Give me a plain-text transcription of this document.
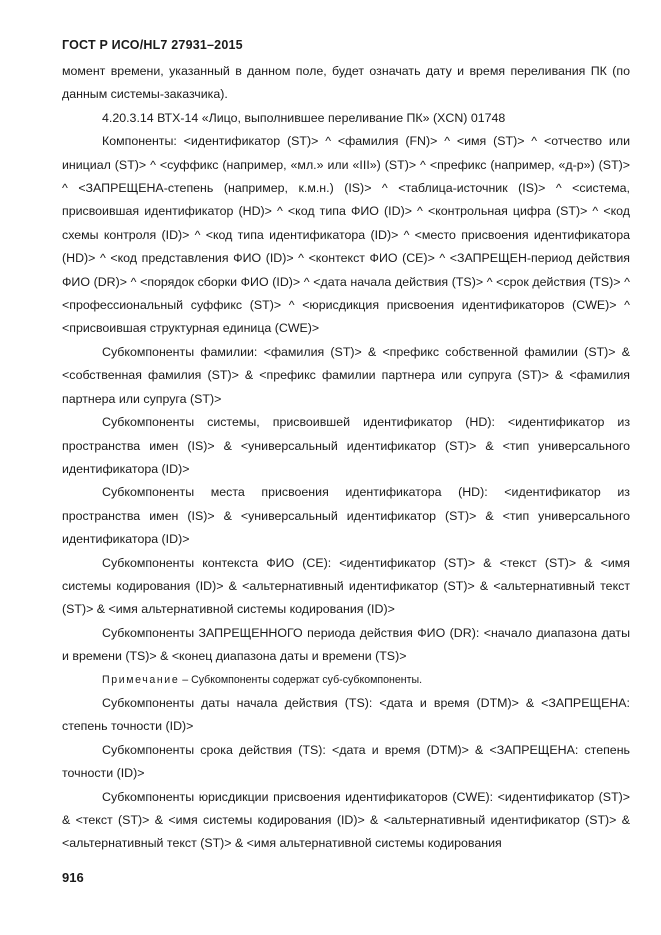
ГОСТ Р ИСО/HL7 27931–2015

момент времени, указанный в данном поле, будет означать дату и время переливания ПК (по данным системы-заказчика).

4.20.3.14 ВТХ-14 «Лицо, выполнившее переливание ПК» (XCN) 01748

Компоненты: <идентификатор (ST)> ^ <фамилия (FN)> ^ <имя (ST)> ^ <отчество или инициал (ST)> ^ <суффикс (например, «мл.» или «III») (ST)> ^ <префикс (например, «д-р») (ST)> ^ <ЗАПРЕЩЕНА-степень (например, к.м.н.) (IS)> ^ <таблица-источник (IS)> ^ <система, присвоившая идентификатор (HD)> ^ <код типа ФИО (ID)> ^ <контрольная цифра (ST)> ^ <код схемы контроля (ID)> ^ <код типа идентификатора (ID)> ^ <место присвоения идентификатора (HD)> ^ <код представления ФИО (ID)> ^ <контекст ФИО (CE)> ^ <ЗАПРЕЩЕН-период действия ФИО (DR)> ^ <порядок сборки ФИО (ID)> ^ <дата начала действия (TS)> ^ <срок действия (TS)> ^ <профессиональный суффикс (ST)> ^ <юрисдикция присвоения идентификаторов (CWE)> ^ <присвоившая структурная единица (CWE)>

Субкомпоненты фамилии: <фамилия (ST)> & <префикс собственной фамилии (ST)> & <собственная фамилия (ST)> & <префикс фамилии партнера или супруга (ST)> & <фамилия партнера или супруга (ST)>

Субкомпоненты системы, присвоившей идентификатор (HD): <идентификатор из пространства имен (IS)> & <универсальный идентификатор (ST)> & <тип универсального идентификатора (ID)>

Субкомпоненты места присвоения идентификатора (HD): <идентификатор из пространства имен (IS)> & <универсальный идентификатор (ST)> & <тип универсального идентификатора (ID)>

Субкомпоненты контекста ФИО (CE): <идентификатор (ST)> & <текст (ST)> & <имя системы кодирования (ID)> & <альтернативный идентификатор (ST)> & <альтернативный текст (ST)> & <имя альтернативной системы кодирования (ID)>

Субкомпоненты ЗАПРЕЩЕННОГО периода действия ФИО (DR): <начало диапазона даты и времени (TS)> & <конец диапазона даты и времени (TS)>

Примечание – Субкомпоненты содержат суб-субкомпоненты.

Субкомпоненты даты начала действия (TS): <дата и время (DTM)> & <ЗАПРЕЩЕНА: степень точности (ID)>

Субкомпоненты срока действия (TS): <дата и время (DTM)> & <ЗАПРЕЩЕНА: степень точности (ID)>

Субкомпоненты юрисдикции присвоения идентификаторов (CWE): <идентификатор (ST)> & <текст (ST)> & <имя системы кодирования (ID)> & <альтернативный идентификатор (ST)> & <альтернативный текст (ST)> & <имя альтернативной системы кодирования

916
